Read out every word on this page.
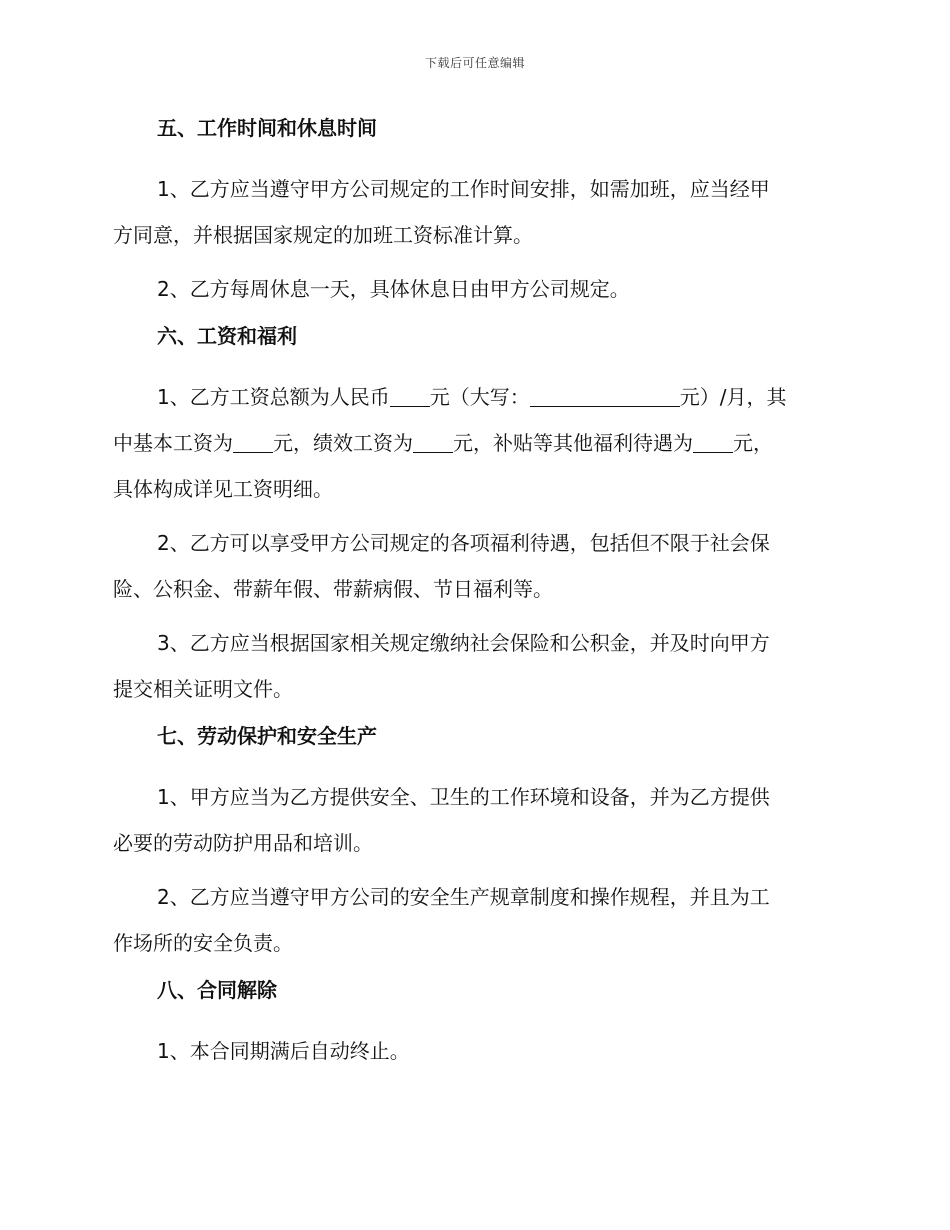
下载后可任意编辑
五、工作时间和休息时间

1、乙方应当遵守甲方公司规定的工作时间安排，如需加班，应当经甲
方同意，并根据国家规定的加班工资标准计算。

2、乙方每周休息一天，具体休息日由甲方公司规定。

六、工资和福利

1、乙方工资总额为人民币 元（大写：	元）/月，其
中基本工资为 元，绩效工资为 元，补贴等其他福利待遇为 元，
具体构成详见工资明细。

2、乙方可以享受甲方公司规定的各项福利待遇，包括但不限于社会保
险、公积金、带薪年假、带薪病假、节日福利等。

3、乙方应当根据国家相关规定缴纳社会保险和公积金，并及时向甲方
提交相关证明文件。

七、劳动保护和安全生产

1、甲方应当为乙方提供安全、卫生的工作环境和设备，并为乙方提供
必要的劳动防护用品和培训。

2、乙方应当遵守甲方公司的安全生产规章制度和操作规程，并且为工
作场所的安全负责。

八、合同解除

1、本合同期满后自动终止。
